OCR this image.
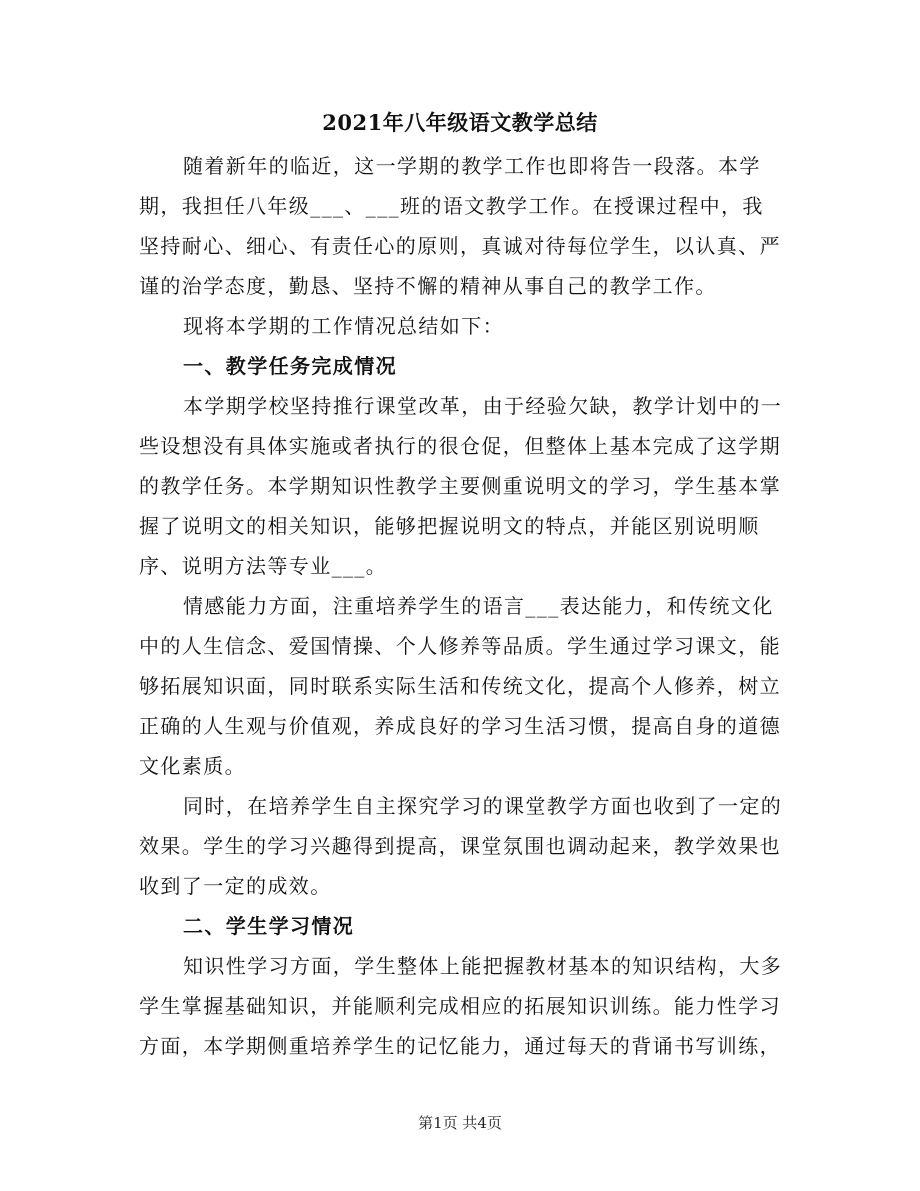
2021年八年级语文教学总结

随着新年的临近，这一学期的教学工作也即将告一段落。本学期，我担任八年级___、___班的语文教学工作。在授课过程中，我坚持耐心、细心、有责任心的原则，真诚对待每位学生，以认真、严谨的治学态度，勤恳、坚持不懈的精神从事自己的教学工作。

现将本学期的工作情况总结如下：

一、教学任务完成情况

本学期学校坚持推行课堂改革，由于经验欠缺，教学计划中的一些设想没有具体实施或者执行的很仓促，但整体上基本完成了这学期的教学任务。本学期知识性教学主要侧重说明文的学习，学生基本掌握了说明文的相关知识，能够把握说明文的特点，并能区别说明顺序、说明方法等专业___。

情感能力方面，注重培养学生的语言___表达能力，和传统文化中的人生信念、爱国情操、个人修养等品质。学生通过学习课文，能够拓展知识面，同时联系实际生活和传统文化，提高个人修养，树立正确的人生观与价值观，养成良好的学习生活习惯，提高自身的道德文化素质。

同时，在培养学生自主探究学习的课堂教学方面也收到了一定的效果。学生的学习兴趣得到提高，课堂氛围也调动起来，教学效果也收到了一定的成效。

二、学生学习情况

知识性学习方面，学生整体上能把握教材基本的知识结构，大多学生掌握基础知识，并能顺利完成相应的拓展知识训练。能力性学习方面，本学期侧重培养学生的记忆能力，通过每天的背诵书写训练，

第1页 共4页
